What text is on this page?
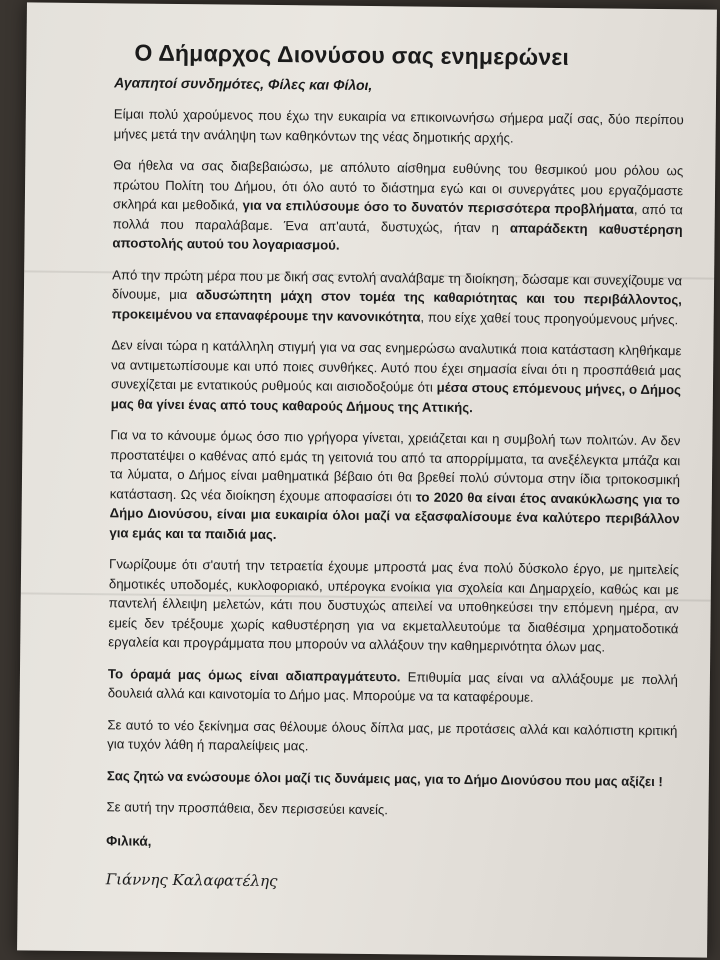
Ο Δήμαρχος Διονύσου σας ενημερώνει
Αγαπητοί συνδημότες, Φίλες και Φίλοι,

Είμαι πολύ χαρούμενος που έχω την ευκαιρία να επικοινωνήσω σήμερα μαζί σας, δύο περίπου μήνες μετά την ανάληψη των καθηκόντων της νέας δημοτικής αρχής.

Θα ήθελα να σας διαβεβαιώσω, με απόλυτο αίσθημα ευθύνης του θεσμικού μου ρόλου ως πρώτου Πολίτη του Δήμου, ότι όλο αυτό το διάστημα εγώ και οι συνεργάτες μου εργαζόμαστε σκληρά και μεθοδικά, για να επιλύσουμε όσο το δυνατόν περισσότερα προβλήματα, από τα πολλά που παραλάβαμε. Ένα απ'αυτά, δυστυχώς, ήταν η απαράδεκτη καθυστέρηση αποστολής αυτού του λογαριασμού.

Από την πρώτη μέρα που με δική σας εντολή αναλάβαμε τη διοίκηση, δώσαμε και συνεχίζουμε να δίνουμε, μια αδυσώπητη μάχη στον τομέα της καθαριότητας και του περιβάλλοντος, προκειμένου να επαναφέρουμε την κανονικότητα, που είχε χαθεί τους προηγούμενους μήνες.

Δεν είναι τώρα η κατάλληλη στιγμή για να σας ενημερώσω αναλυτικά ποια κατάσταση κληθήκαμε να αντιμετωπίσουμε και υπό ποιες συνθήκες. Αυτό που έχει σημασία είναι ότι η προσπάθειά μας συνεχίζεται με εντατικούς ρυθμούς και αισιοδοξούμε ότι μέσα στους επόμενους μήνες, ο Δήμος μας θα γίνει ένας από τους καθαρούς Δήμους της Αττικής.

Για να το κάνουμε όμως όσο πιο γρήγορα γίνεται, χρειάζεται και η συμβολή των πολιτών. Αν δεν προστατέψει ο καθένας από εμάς τη γειτονιά του από τα απορρίμματα, τα ανεξέλεγκτα μπάζα και τα λύματα, ο Δήμος είναι μαθηματικά βέβαιο ότι θα βρεθεί πολύ σύντομα στην ίδια τριτοκοσμική κατάσταση. Ως νέα διοίκηση έχουμε αποφασίσει ότι το 2020 θα είναι έτος ανακύκλωσης για το Δήμο Διονύσου, είναι μια ευκαιρία όλοι μαζί να εξασφαλίσουμε ένα καλύτερο περιβάλλον για εμάς και τα παιδιά μας.

Γνωρίζουμε ότι σ'αυτή την τετραετία έχουμε μπροστά μας ένα πολύ δύσκολο έργο, με ημιτελείς δημοτικές υποδομές, κυκλοφοριακό, υπέρογκα ενοίκια για σχολεία και Δημαρχείο, καθώς και με παντελή έλλειψη μελετών, κάτι που δυστυχώς απειλεί να υποθηκεύσει την επόμενη ημέρα, αν εμείς δεν τρέξουμε χωρίς καθυστέρηση για να εκμεταλλευτούμε τα διαθέσιμα χρηματοδοτικά εργαλεία και προγράμματα που μπορούν να αλλάξουν την καθημερινότητα όλων μας.

Το όραμά μας όμως είναι αδιαπραγμάτευτο. Επιθυμία μας είναι να αλλάξουμε με πολλή δουλειά αλλά και καινοτομία το Δήμο μας. Μπορούμε να τα καταφέρουμε.

Σε αυτό το νέο ξεκίνημα σας θέλουμε όλους δίπλα μας, με προτάσεις αλλά και καλόπιστη κριτική για τυχόν λάθη ή παραλείψεις μας.

Σας ζητώ να ενώσουμε όλοι μαζί τις δυνάμεις μας, για το Δήμο Διονύσου που μας αξίζει !

Σε αυτή την προσπάθεια, δεν περισσεύει κανείς.

Φιλικά,
Γιάννης Καλαφατέλης
